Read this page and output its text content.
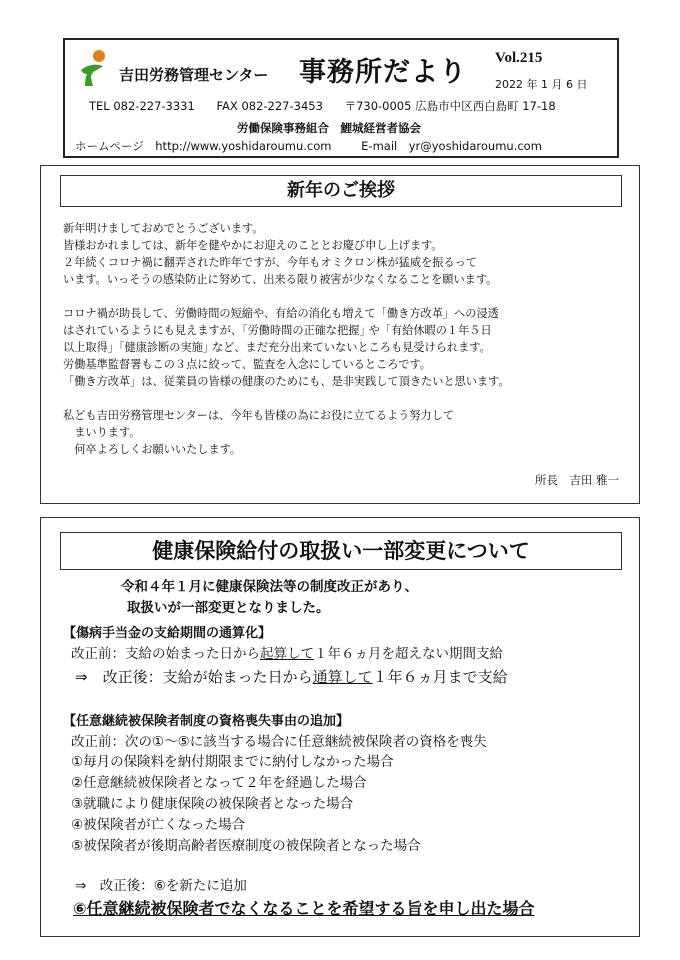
吉田労務管理センター 事務所だより Vol.215
2022 年 1 月 6 日
TEL 082-227-3331 FAX 082-227-3453 〒730-0005 広島市中区西白島町 17-18
労働保険事務組合　鯉城経営者協会
ホームページ　http://www.yoshidaroumu.com	E-mail　yr@yoshidaroumu.com
新年のご挨拶

新年明けましておめでとうございます。

皆様おかれましては、新年を健やかにお迎えのこととお慶び申し上げます。

２年続くコロナ禍に翻弄された昨年ですが、今年もオミクロン株が猛威を振るって

います。いっそうの感染防止に努めて、出来る限り被害が少なくなることを願います。

コロナ禍が助長して、労働時間の短縮や、有給の消化も増えて「働き方改革」への浸透

はされているようにも見えますが、｢労働時間の正確な把握｣ や「有給休暇の１年５日

以上取得」｢健康診断の実施｣ など、まだ充分出来ていないところも見受けられます。

労働基準監督署もこの３点に絞って、監査を入念にしているところです。

「働き方改革」は、従業員の皆様の健康のためにも、是非実践して頂きたいと思います。

私ども吉田労務管理センターは、今年も皆様の為にお役に立てるよう努力して

　まいります。

　何卒よろしくお願いいたします。

所長　吉田 雅一
健康保険給付の取扱い一部変更について
令和４年１月に健康保険法等の制度改正があり、
取扱いが一部変更となりました。
【傷病手当金の支給期間の通算化】
改正前：支給の始まった日から起算して１年６ヵ月を超えない期間支給
⇒　改正後：支給が始まった日から通算して１年６ヵ月まで支給
【任意継続被保険者制度の資格喪失事由の追加】
改正前：次の①～⑤に該当する場合に任意継続被保険者の資格を喪失
①毎月の保険料を納付期限までに納付しなかった場合
②任意継続被保険者となって２年を経過した場合
③就職により健康保険の被保険者となった場合
④被保険者が亡くなった場合
⑤被保険者が後期高齢者医療制度の被保険者となった場合
⇒　改正後：⑥を新たに追加
⑥任意継続被保険者でなくなることを希望する旨を申し出た場合
